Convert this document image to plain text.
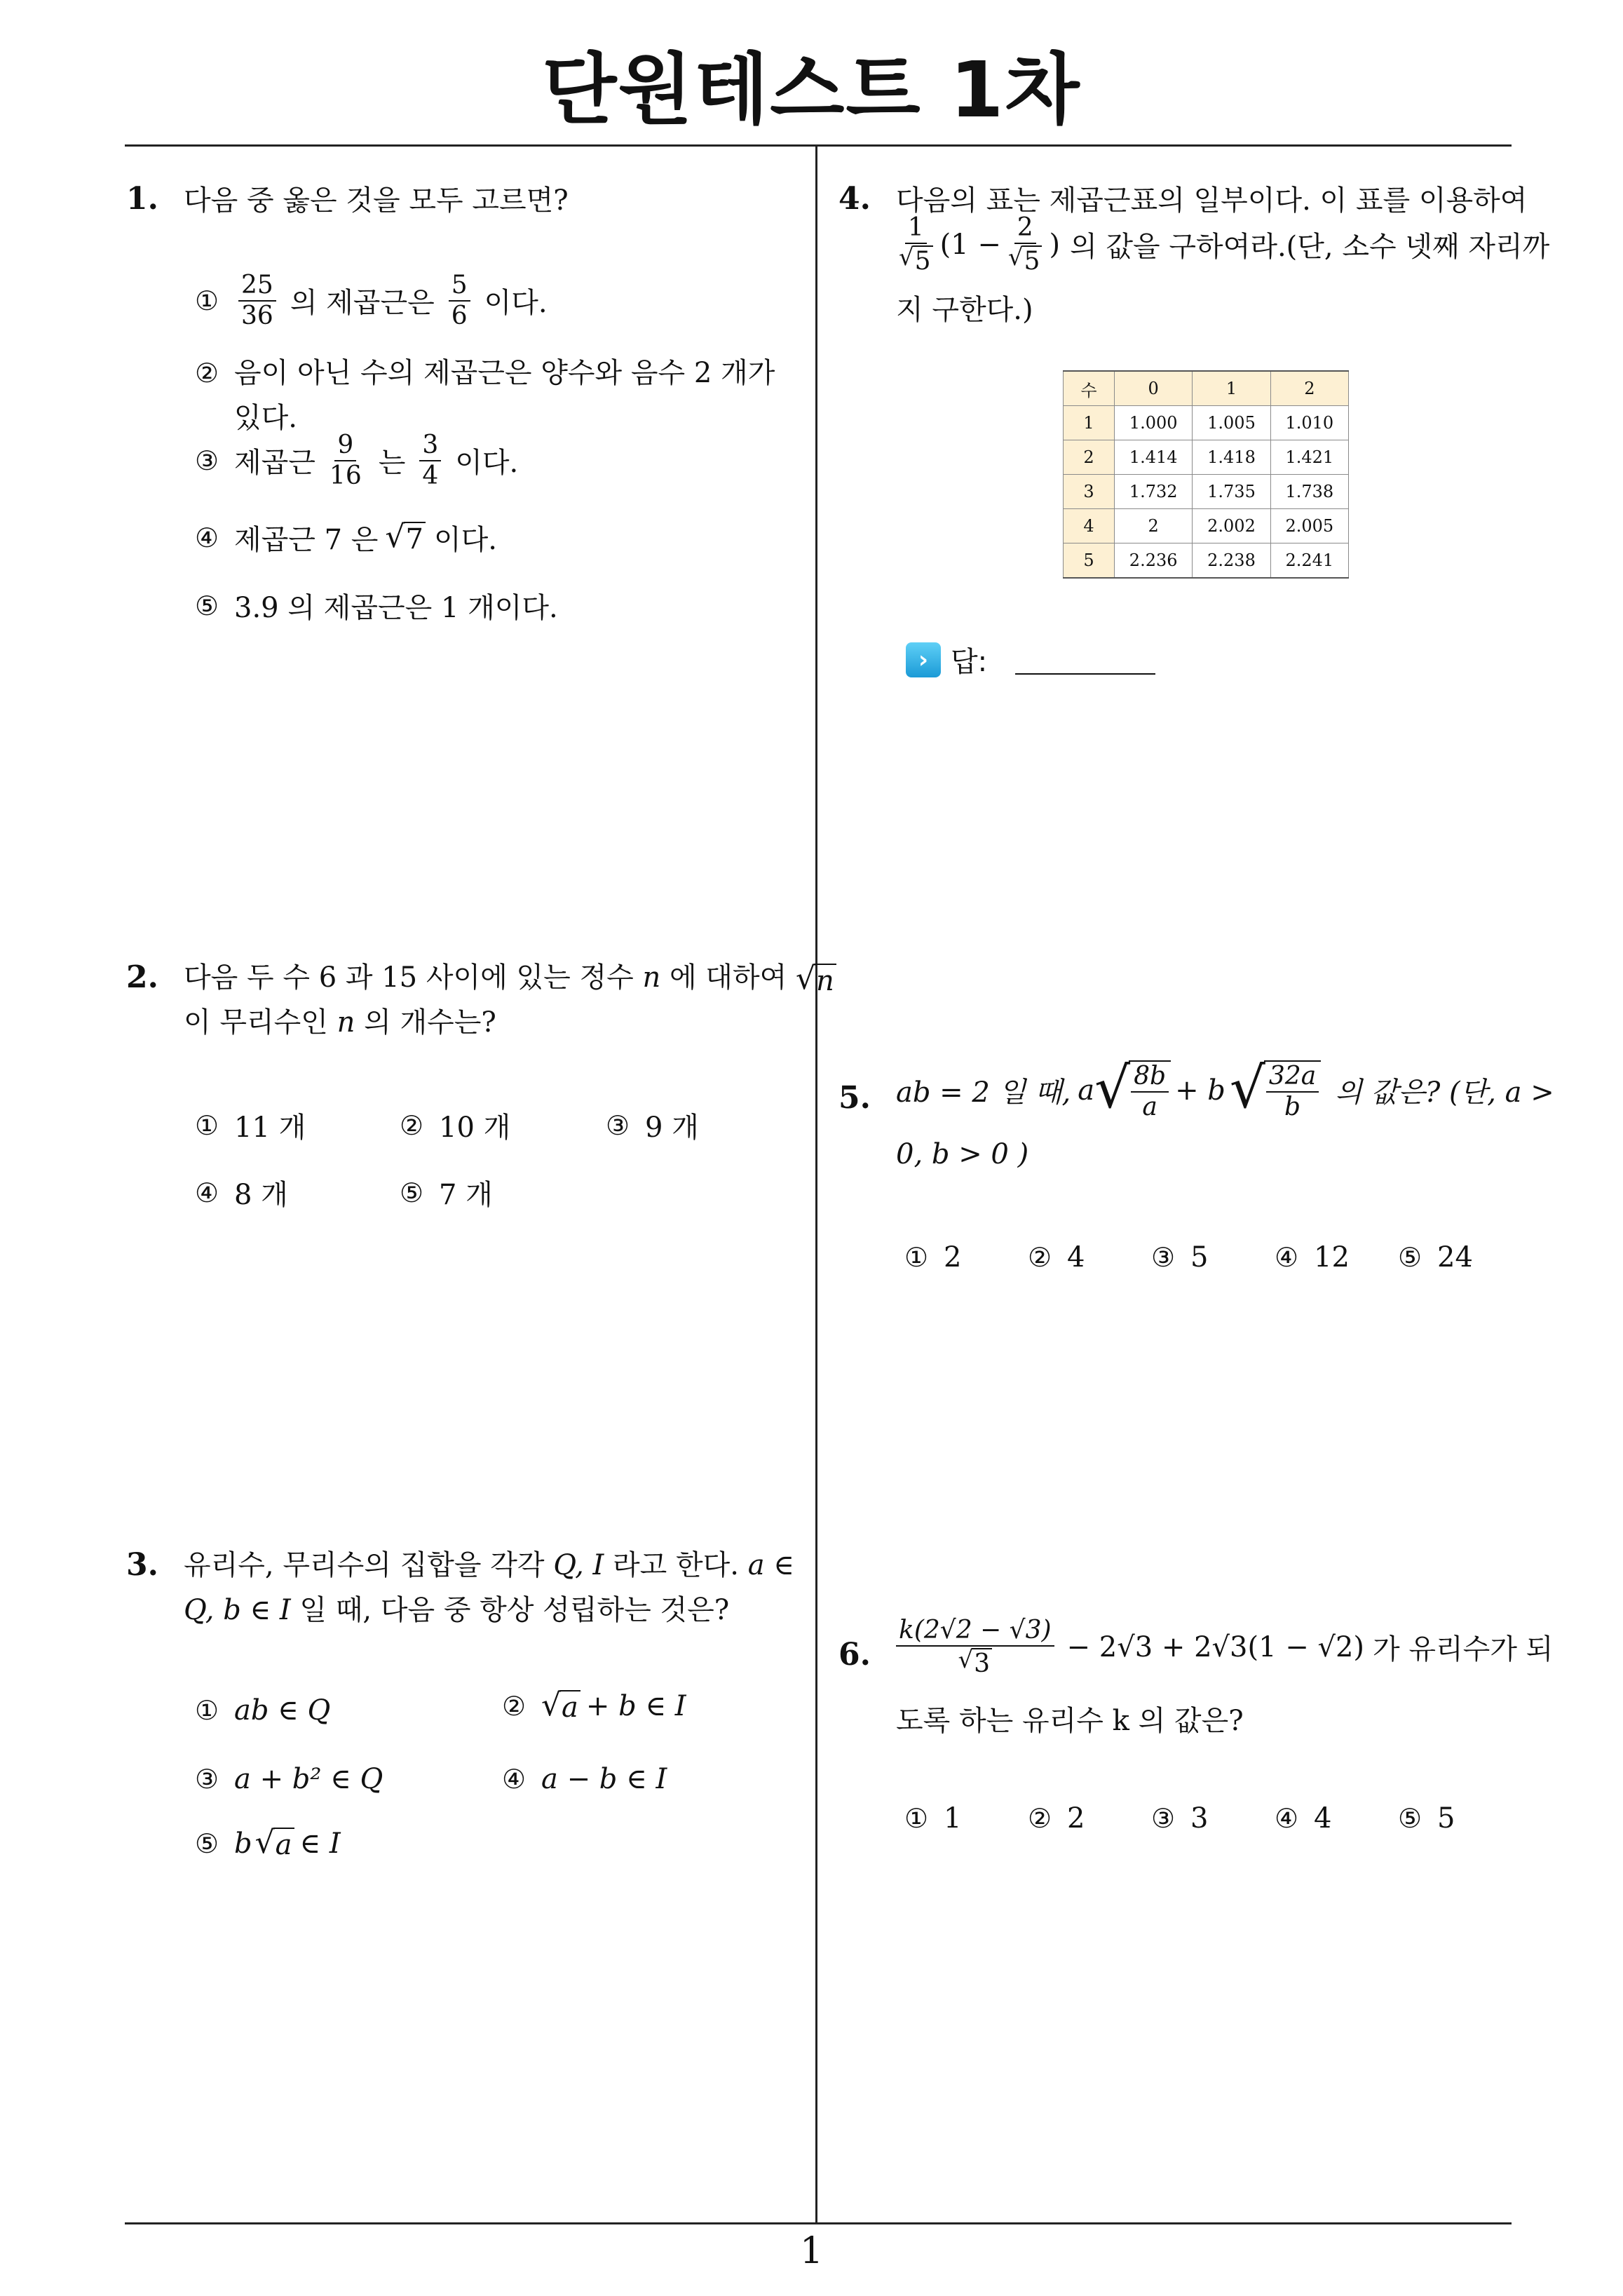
단원테스트 1차
1
1. 다음 중 옳은 것을 모두 고르면?
① $\frac{25}{36}$ 의 제곱근은 $\frac{5}{6}$ 이다.
② 음이 아닌 수의 제곱근은 양수와 음수 2 개가
있다.
③ 제곱근 $\frac{9}{16}$ 는 $\frac{3}{4}$ 이다.
④ 제곱근 7 은 √ 7 이다.
⑤ 3.9 의 제곱근은 1 개이다.
2. 다음 두 수 6 과 15 사이에 있는 정수 n 에 대하여 √ n
이 무리수인 n 의 개수는?
① 11 개	② 10 개	③ 9 개
④ 8 개	⑤ 7 개
3. 유리수, 무리수의 집합을 각각 Q, I 라고 한다. a ∈
Q, b ∈ I 일 때, 다음 중 항상 성립하는 것은?
① ab ∈ Q	② √ a + b ∈ I
③ a + b² ∈ Q	④ a − b ∈ I
⑤ b √ a ∈ I
4. 다음의 표는 제곱근표의 일부이다. 이 표를 이용하여
$\frac{1}{√ 5} (1 - \frac{2}{√ 5}$ ) 의 값을 구하여라.(단, 소수 넷째 자리까
지 구한다.)
수	0	1	2
1	1.000	1.005	1.010
2	1.414	1.418	1.421
3	1.732	1.735	1.738
4	2	2.002	2.005
5	2.236	2.238	2.241
› 답:
5. ab = 2 일 때, a √ $\frac{8b}{a} + b$ √ $\frac{32a}{b}$ 의 값은? (단, a >
0, b > 0 )
① 2 ② 4 ③ 5 ④ 12 ⑤ 24
6. $\frac{k(2√2 - √3)}{√ 3} - 2√3 + 2√3(1 - √2)$ 가 유리수가 되
도록 하는 유리수 k 의 값은?
① 1 ② 2 ③ 3 ④ 4 ⑤ 5
